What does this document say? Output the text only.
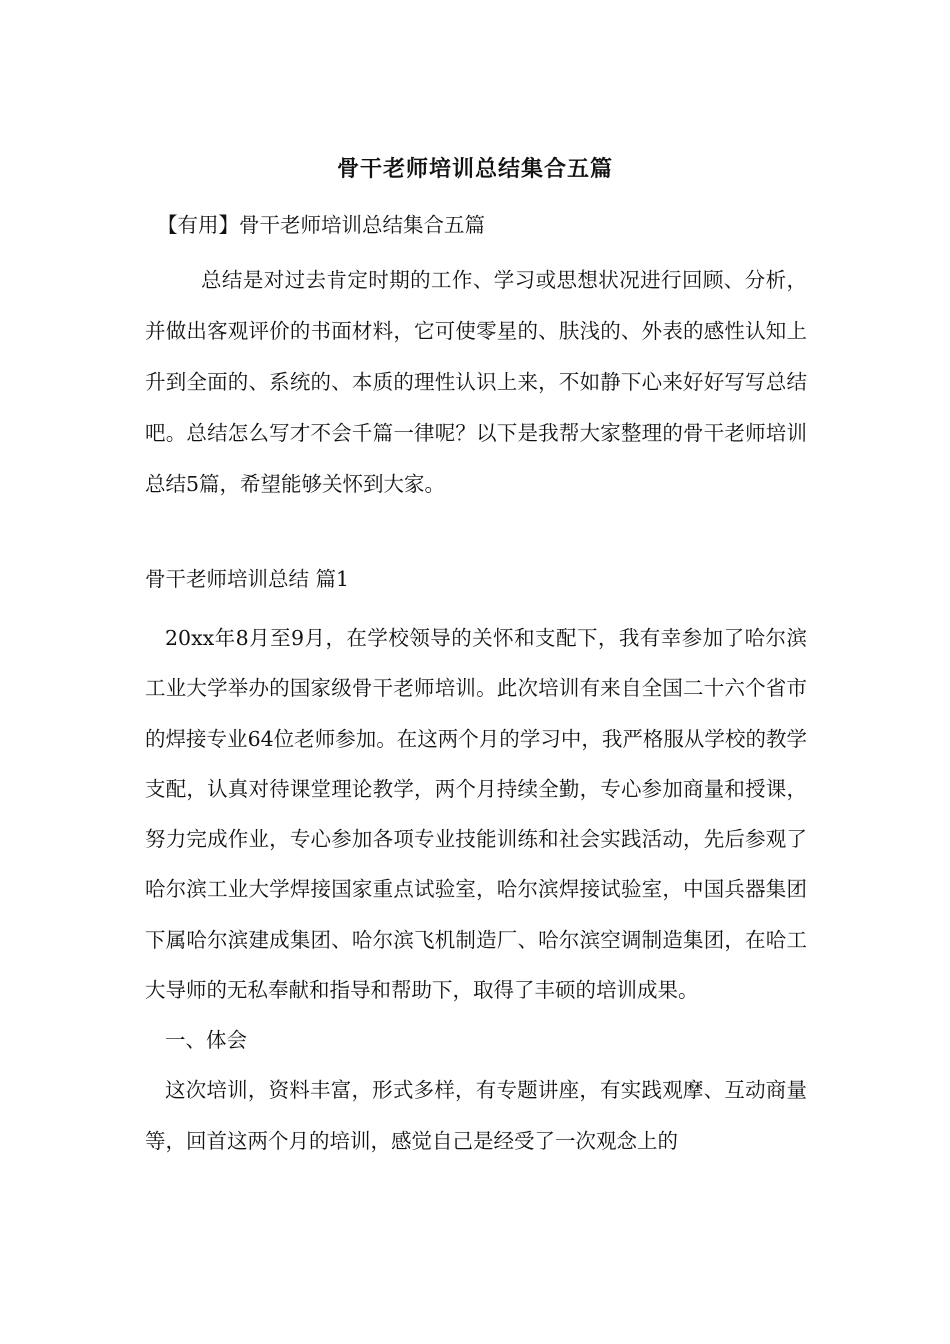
骨干老师培训总结集合五篇

【有用】骨干老师培训总结集合五篇

总结是对过去肯定时期的工作、学习或思想状况进行回顾、分析，并做出客观评价的书面材料，它可使零星的、肤浅的、外表的感性认知上升到全面的、系统的、本质的理性认识上来，不如静下心来好好写写总结吧。总结怎么写才不会千篇一律呢？以下是我帮大家整理的骨干老师培训总结5篇，希望能够关怀到大家。

骨干老师培训总结 篇1

20xx年8月至9月，在学校领导的关怀和支配下，我有幸参加了哈尔滨工业大学举办的国家级骨干老师培训。此次培训有来自全国二十六个省市的焊接专业64位老师参加。在这两个月的学习中，我严格服从学校的教学支配，认真对待课堂理论教学，两个月持续全勤，专心参加商量和授课，努力完成作业，专心参加各项专业技能训练和社会实践活动，先后参观了哈尔滨工业大学焊接国家重点试验室，哈尔滨焊接试验室，中国兵器集团下属哈尔滨建成集团、哈尔滨飞机制造厂、哈尔滨空调制造集团，在哈工大导师的无私奉献和指导和帮助下，取得了丰硕的培训成果。

一、体会

这次培训，资料丰富，形式多样，有专题讲座，有实践观摩、互动商量等，回首这两个月的培训，感觉自己是经受了一次观念上的
